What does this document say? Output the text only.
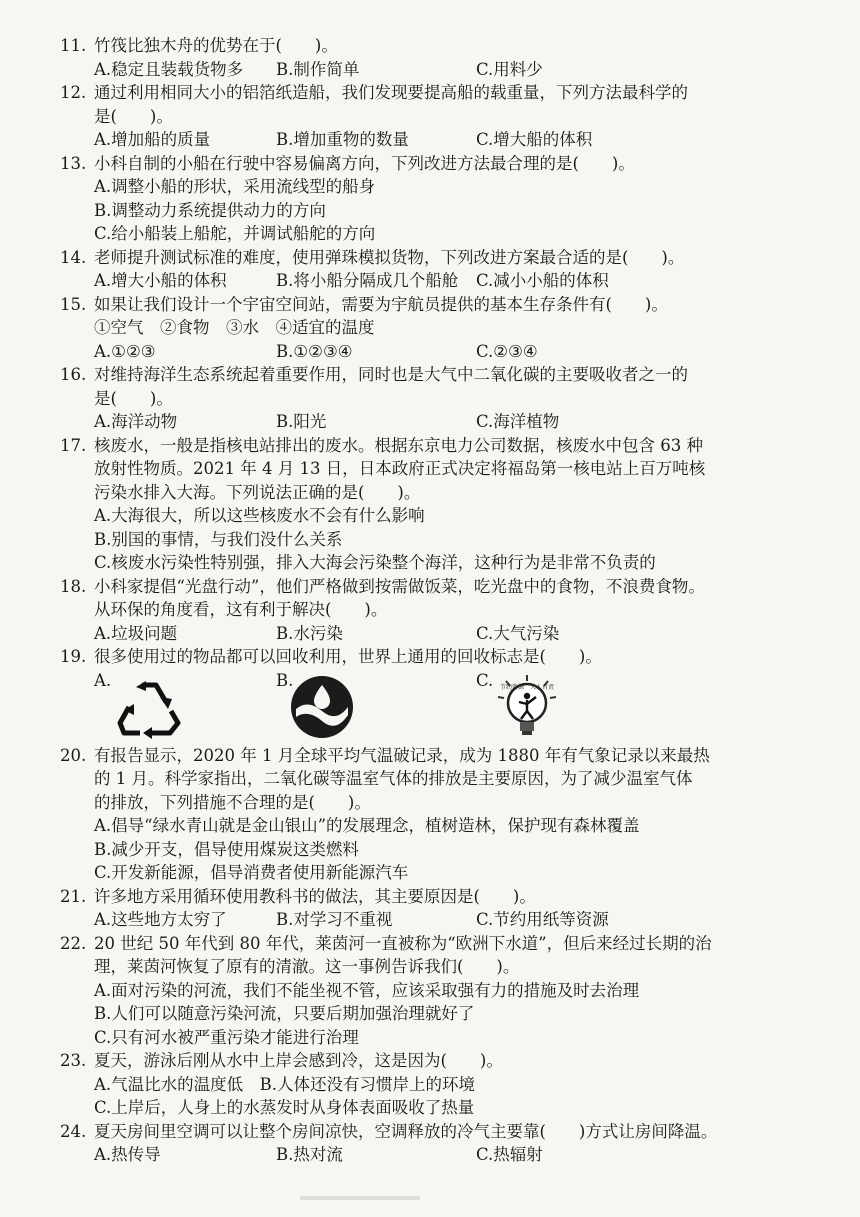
11. 竹筏比独木舟的优势在于(　　)。
A.稳定且装载货物多 B.制作简单	C.用料少
12. 通过利用相同大小的铝箔纸造船，我们发现要提高船的载重量，下列方法最科学的
是(　　)。
A.增加船的质量	B.增加重物的数量	C.增大船的体积
13. 小科自制的小船在行驶中容易偏离方向，下列改进方法最合理的是(　　)。
A.调整小船的形状，采用流线型的船身
B.调整动力系统提供动力的方向
C.给小船装上船舵，并调试船舵的方向
14. 老师提升测试标准的难度，使用弹珠模拟货物，下列改进方案最合适的是(　　)。
A.增大小船的体积	B.将小船分隔成几个船舱 C.减小小船的体积
15. 如果让我们设计一个宇宙空间站，需要为宇航员提供的基本生存条件有(　　)。
①空气　②食物　③水　④适宜的温度
A.①②③	B.①②③④	C.②③④
16. 对维持海洋生态系统起着重要作用，同时也是大气中二氧化碳的主要吸收者之一的
是(　　)。
A.海洋动物	B.阳光	C.海洋植物
17. 核废水，一般是指核电站排出的废水。根据东京电力公司数据，核废水中包含 63 种
放射性物质。2021 年 4 月 13 日，日本政府正式决定将福岛第一核电站上百万吨核
污染水排入大海。下列说法正确的是(　　)。
A.大海很大，所以这些核废水不会有什么影响
B.别国的事情，与我们没什么关系
C.核废水污染性特别强，排入大海会污染整个海洋，这种行为是非常不负责的
18. 小科家提倡“光盘行动”，他们严格做到按需做饭菜，吃光盘中的食物，不浪费食物。
从环保的角度看，这有利于解决(　　)。
A.垃圾问题	B.水污染	C.大气污染
19. 很多使用过的物品都可以回收利用，世界上通用的回收标志是(　　)。
A.	B.	C. 节约资源　人人有责
20. 有报告显示，2020 年 1 月全球平均气温破记录，成为 1880 年有气象记录以来最热
的 1 月。科学家指出，二氧化碳等温室气体的排放是主要原因，为了减少温室气体
的排放，下列措施不合理的是(　　)。
A.倡导“绿水青山就是金山银山”的发展理念，植树造林，保护现有森林覆盖
B.减少开支，倡导使用煤炭这类燃料
C.开发新能源，倡导消费者使用新能源汽车
21. 许多地方采用循环使用教科书的做法，其主要原因是(　　)。
A.这些地方太穷了	B.对学习不重视	C.节约用纸等资源
22. 20 世纪 50 年代到 80 年代，莱茵河一直被称为“欧洲下水道”，但后来经过长期的治
理，莱茵河恢复了原有的清澈。这一事例告诉我们(　　)。
A.面对污染的河流，我们不能坐视不管，应该采取强有力的措施及时去治理
B.人们可以随意污染河流，只要后期加强治理就好了
C.只有河水被严重污染才能进行治理
23. 夏天，游泳后刚从水中上岸会感到冷，这是因为(　　)。
A.气温比水的温度低　B.人体还没有习惯岸上的环境
C.上岸后，人身上的水蒸发时从身体表面吸收了热量
24. 夏天房间里空调可以让整个房间凉快，空调释放的冷气主要靠(　　)方式让房间降温。
A.热传导	B.热对流	C.热辐射
